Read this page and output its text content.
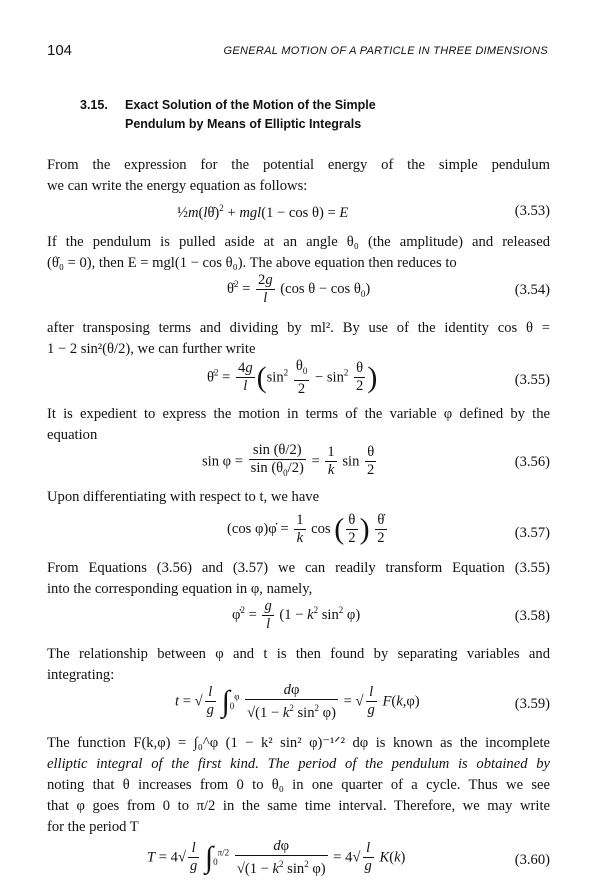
104	GENERAL MOTION OF A PARTICLE IN THREE DIMENSIONS
3.15. Exact Solution of the Motion of the Simple
Pendulum by Means of Elliptic Integrals
From the expression for the potential energy of the simple pendulum
we can write the energy equation as follows:
½m(lθ̇)$^2$ + mgl(1 − cos θ) = E	(3.53)
If the pendulum is pulled aside at an angle θ₀ (the amplitude) and released
(θ̇₀ = 0), then E = mgl(1 − cos θ₀). The above equation then reduces to
θ̇$^2$ = $\frac{2g}{l} (\cos$ $\theta - \cos \theta_0$)	(3.54)
after transposing terms and dividing by ml². By use of the identity cos θ =
1 − 2 sin²(θ/2), we can further write
θ̇$^2$ = $\frac{4g}{l} (\sin^2 \frac{\theta_0}{2} - \sin^2 \frac{\theta}{2}$ )	(3.55)
It is expedient to express the motion in terms of the variable φ defined by the
equation
$\sin \varphi = \frac{\sin (\theta/2)}{\sin (\theta_0/2)} = \frac{1}{k}$ $\sin \frac{\theta}{2}$	(3.56)
Upon differentiating with respect to t, we have
(cos φ)φ̇ = $\frac{1}{k}$ cos ( $\frac{\theta}{2}$ ) $\frac{\thetȧ}{2}$	(3.57)
From Equations (3.56) and (3.57) we can readily transform Equation (3.55)
into the corresponding equation in φ, namely,
φ̇$^2$ = $\frac{g}{l} (1 - k^2$ $\sin^2 \varphi$)	(3.58)
The relationship between φ and t is then found by separating variables and
integrating:
t = √ $\frac{l}{g} \int_0^\varphi \frac{d\varphi}{√(1 - k^2 \sin^2 \varphi)}$ = √ $\frac{l}{g} F(k,\varphi)$	(3.59)
The function F(k,φ) = ∫₀^φ (1 − k² sin² φ)⁻¹ᐟ² dφ is known as the incomplete
elliptic integral of the first kind. The period of the pendulum is obtained by
noting that θ increases from 0 to θ₀ in one quarter of a cycle. Thus we see
that φ goes from 0 to π/2 in the same time interval. Therefore, we may write
for the period T
$T = 4√ \frac{l}{g} \int_0^{\pi/2} \frac{d\varphi}{√(1 - k^2 \sin^2 \varphi)} = 4√ \frac{l}{g} K(k)$	(3.60)
